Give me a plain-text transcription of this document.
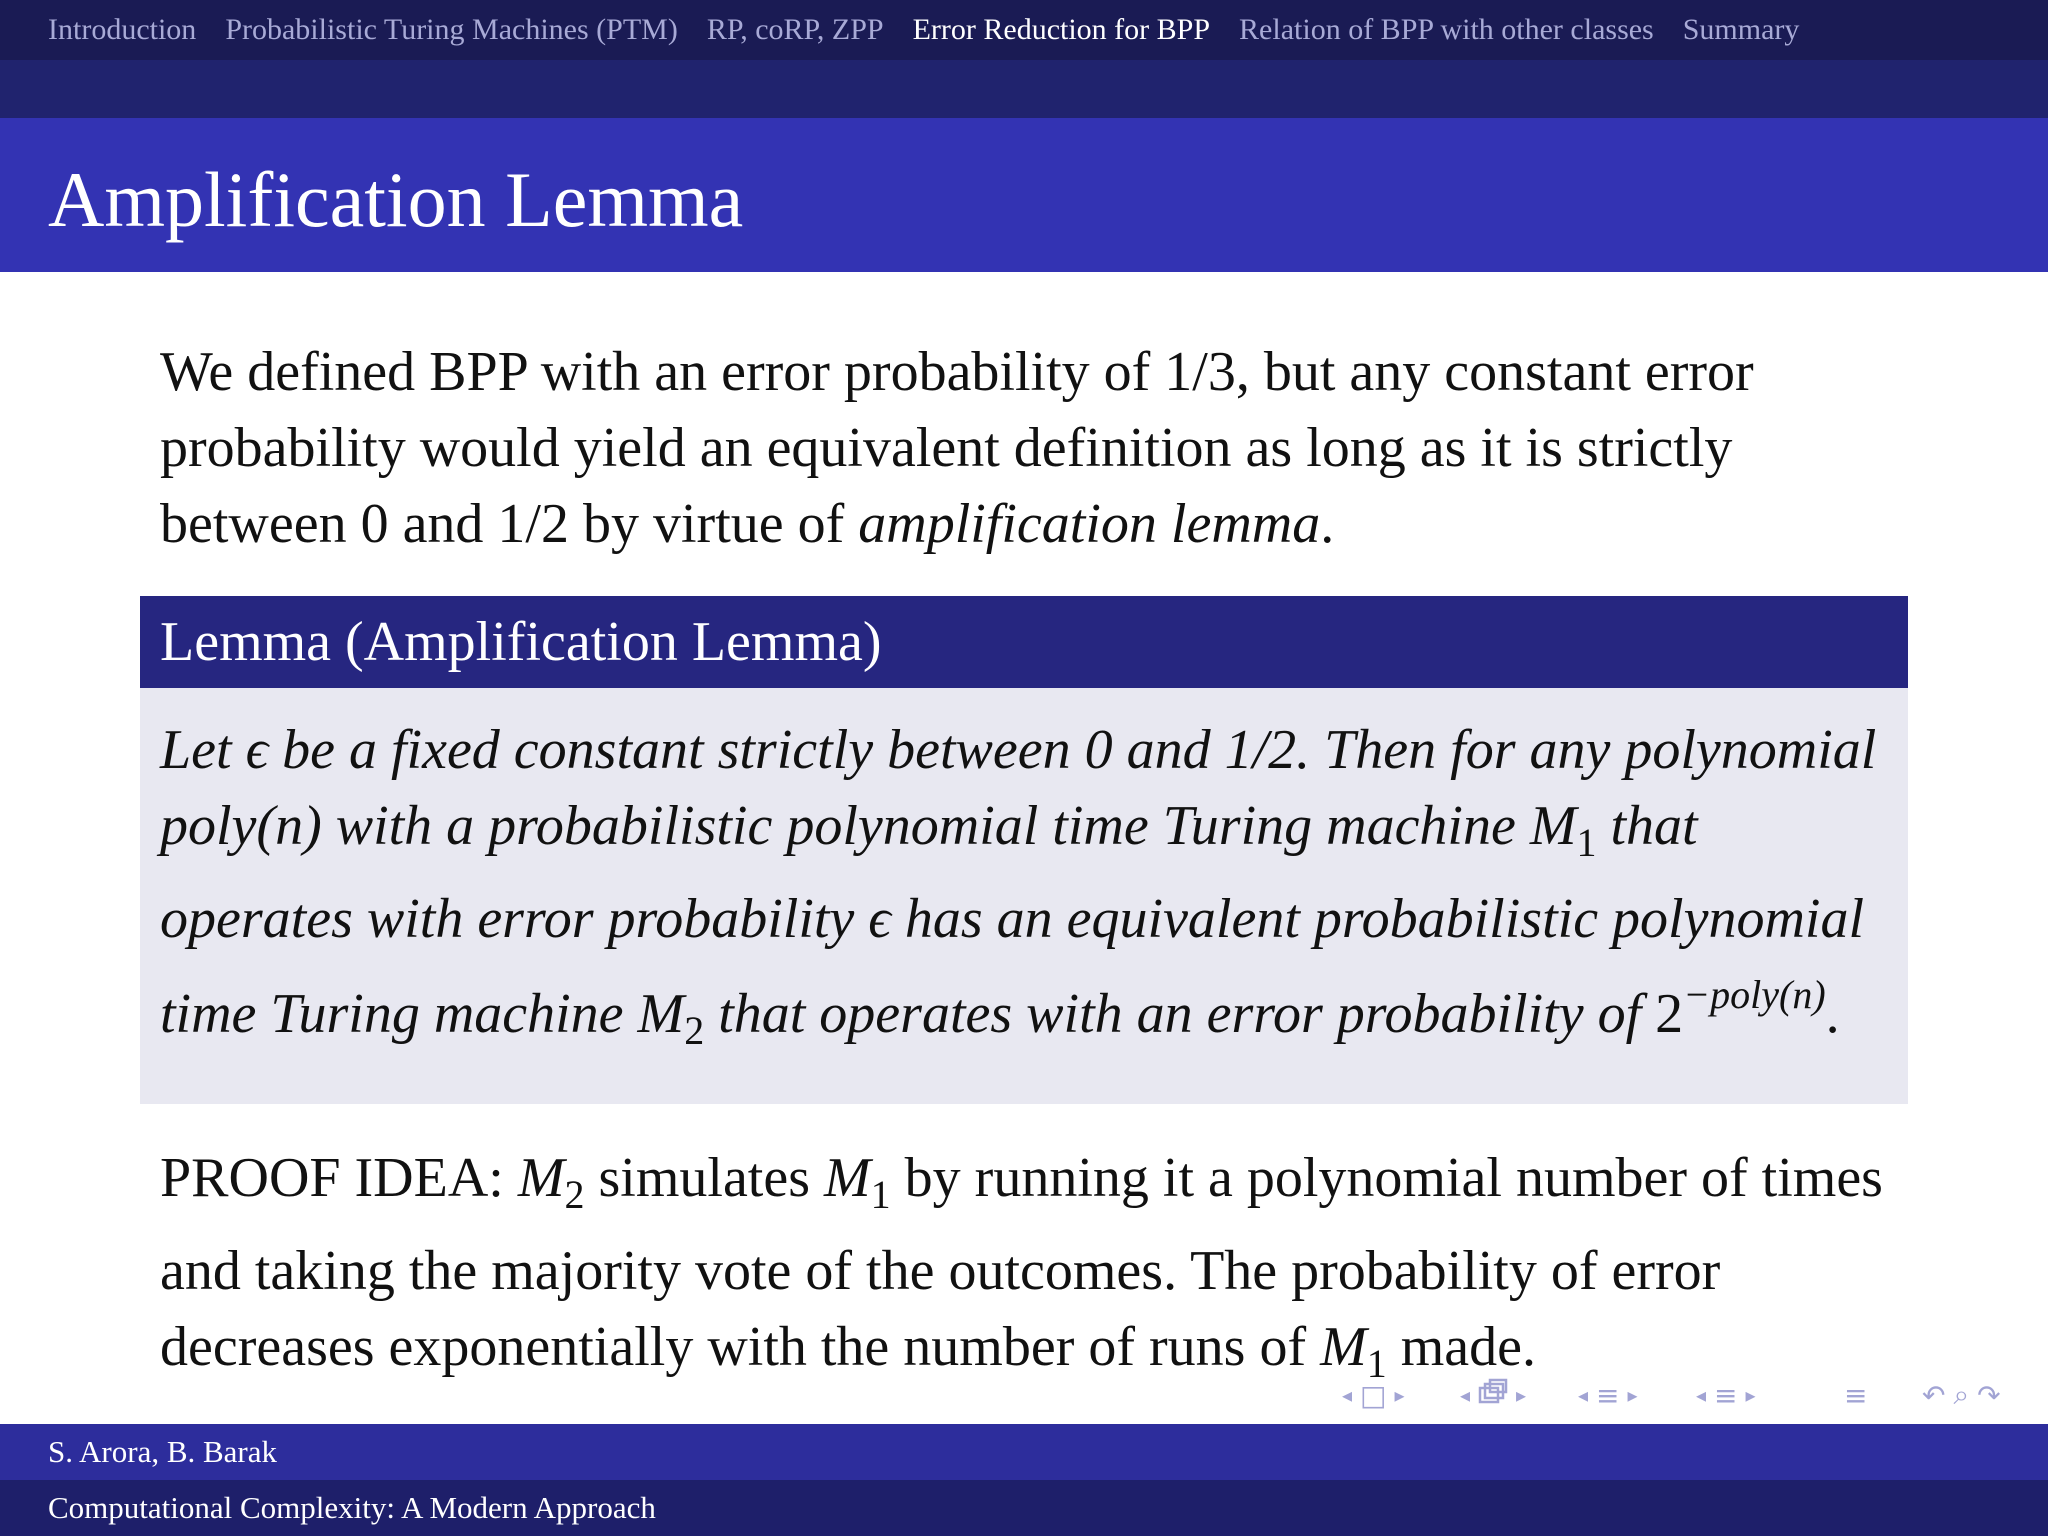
Introduction Probabilistic Turing Machines (PTM) RP, coRP, ZPP Error Reduction for BPP Relation of BPP with other classes Summary
Amplification Lemma
We defined BPP with an error probability of 1/3, but any constant error probability would yield an equivalent definition as long as it is strictly between 0 and 1/2 by virtue of amplification lemma.
Lemma (Amplification Lemma)
Let ϵ be a fixed constant strictly between 0 and 1/2. Then for any polynomial poly(n) with a probabilistic polynomial time Turing machine $M_1$ that operates with error probability ϵ has an equivalent probabilistic polynomial time Turing machine $M_2$ that operates with an error probability of $2^{-poly(n)}$.
PROOF IDEA: $M_2$ simulates $M_1$ by running it a polynomial number of times and taking the majority vote of the outcomes. The probability of error decreases exponentially with the number of runs of $M_1$ made.
◂ □ ▸	◂ ▸	◂ ≡ ▸	◂ ≡ ▸	≡ ↶ ⌕ ↷
S. Arora, B. Barak
Computational Complexity: A Modern Approach
